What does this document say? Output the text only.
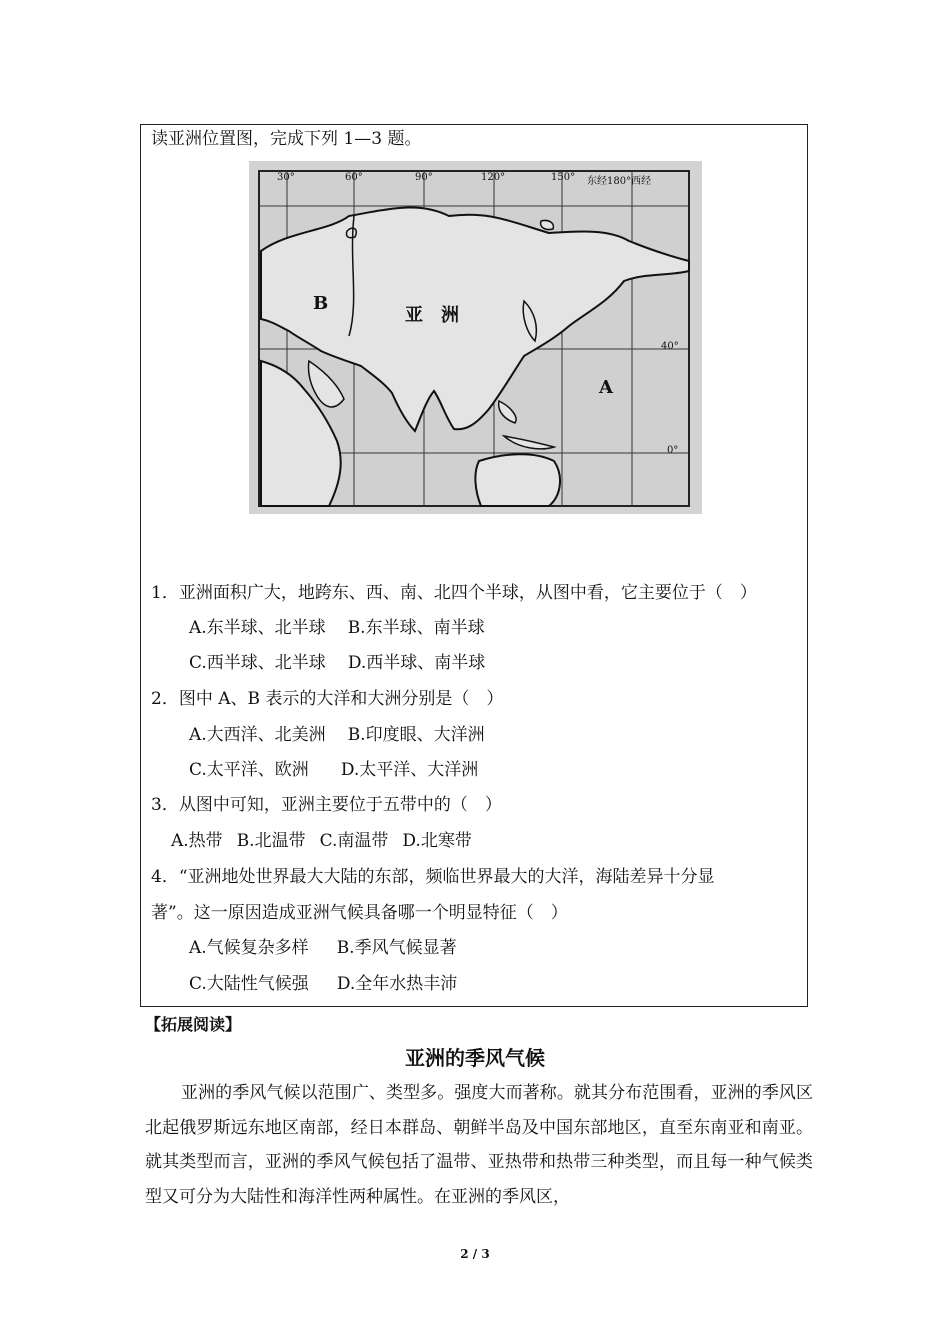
读亚洲位置图，完成下列 1—3 题。
30°	60°	90°	120°	150° 东经180°西经
40°
0°
亚　洲
B
A
1．亚洲面积广大，地跨东、西、南、北四个半球，从图中看，它主要位于（　）
A.东半球、北半球 B.东半球、南半球
C.西半球、北半球 D.西半球、南半球
2．图中 A、B 表示的大洋和大洲分别是（　）
A.大西洋、北美洲 B.印度眼、大洋洲
C.太平洋、欧洲 D.太平洋、大洋洲
3．从图中可知，亚洲主要位于五带中的（　）
A.热带 B.北温带 C.南温带 D.北寒带
4．“亚洲地处世界最大大陆的东部，频临世界最大的大洋，海陆差异十分显
著”。这一原因造成亚洲气候具备哪一个明显特征（　）
A.气候复杂多样 B.季风气候显著
C.大陆性气候强 D.全年水热丰沛
【拓展阅读】
亚洲的季风气候
亚洲的季风气候以范围广、类型多。强度大而著称。就其分布范围看，亚洲的季风区北起俄罗斯远东地区南部，经日本群岛、朝鲜半岛及中国东部地区，直至东南亚和南亚。就其类型而言，亚洲的季风气候包括了温带、亚热带和热带三种类型，而且每一种气候类型又可分为大陆性和海洋性两种属性。在亚洲的季风区，
2 / 3
